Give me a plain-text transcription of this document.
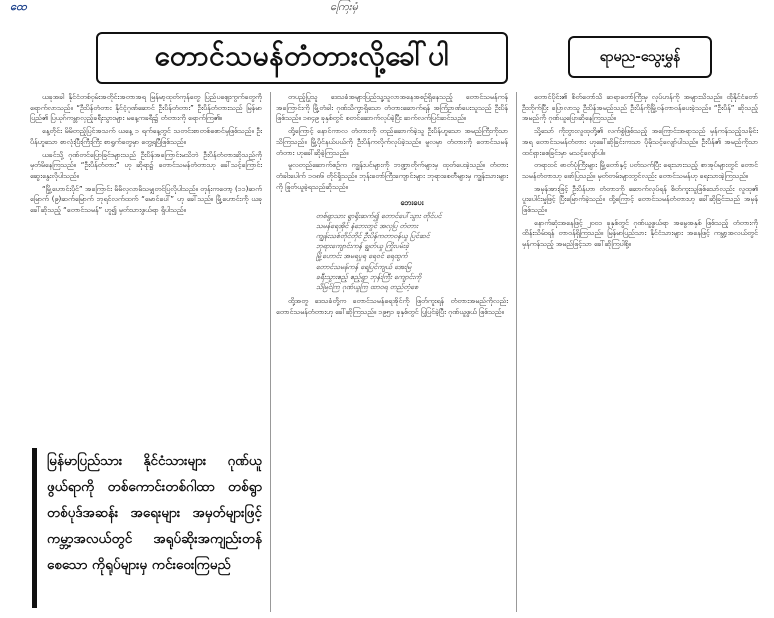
ထေ	ကြေးမုံ
တောင်သမန်တံတားလို့ခေါ်ပါ	ရာမည-သွေးမွှန်

ယခုအခါ နိုင်ငံတစ်ဝှမ်းအတိုင်းအတာအရ မြန်မာ့ထုတ်ကုန်တွေ ပြည်ပဈေးကွက်တွေကိုရောက်လာသည်။ “ဦးပိန်တံတား နိုင်ငံ့ဂုဏ်ဆောင် ဦးပိန်တံတား” ဦးပိန်တံတားသည် မြန်မာပြည်၏ ပြယုဂ်ကမ္ဘာလှည့်ခရီးသွားများ မနေ့ကခရီး၌ တံတားကို ရောက်ကြ၏။

နေ့တိုင်း မိမိတည့်ပြင်အသက် ယနေ့ ၁ ရက်နေ့တွင် သတင်းစာတစ်စောင်မှဖြစ်သည်။ ဦးပိန်ဟူသော စာလုံးပြီးကြီးကြီး စာရွက်တွေမှာ တွေ့ရပြီဖြစ်သည်။

ယခင်သို့ ဂုဏ်တင်ပြောခြင်းများသည် ဦးပိန်အကြောင်းမသိဘဲ ဦးပိန်တံတားဆိုသည်ကို မှတ်မိနေကြသည်။ “ဦးပိန်တံတား” ဟု ဆိုရာ၌ တောင်သမန်တံတားဟု ခေါ်သင့်ကြောင်း ဆွေးနွေးလိုပါသည်။

“မြို့ဟောင်းပိုင်” အကြောင်း မိမိလှလာမိသမျှတင်ပြလိုပါသည်။ တုန်းကတော့ (၁၁)ဆက်မြောက် (၉)ဆက်မြောက် ဘုရင်လက်ထက် “မောင်ပေါ်” ဟု ခေါ်သည်။ မြို့ဟောင်းကို ယခုခေါ်ဆိုသည့် “တောင်သမန်” ဟူ၍ မှတ်သားဖွယ်ရာ ရှိပါသည်။

တပည့်ပြုသူ ဒေသခံအများပြည်သူ့သူလာအနေအစဉ်ရှိနေသည့် တောင်သမန်ကန်အကြောင်းကို မြို့တံခါး ဂုဏ်သိက္ခာရှိသော တံတားဆောက်ရန် အကြံဥာဏ်ပေးသူသည် ဦးပိန်ဖြစ်သည်။ ၁၈၄၉ ခုနှစ်တွင် စတင်ဆောက်လုပ်ခဲ့ပြီး ဆက်လက်ပြင်ဆင်သည်။

ထို့ကြောင့် နောင်ကာလ တံတားကို တည်ဆောက်ခဲ့သူ ဦးပိန်ဟူသော အမည်ကြီးကိုသာ သိကြသည်။ မြို့ပိုင်နယ်ပယ်ကို ဦးပိန်ကလိုက်လုပ်ခဲ့သည်။ မူလမှာ တံတားကို တောင်သမန်တံတား ဟုခေါ်ဆိုခဲ့ကြသည်။

မူလတည်ဆောက်စဉ်က ကျွန်းပင်များကို ဘဏ္ဍာတိုက်များမှ ထုတ်ပေးခဲ့သည်။ တံတားတံခါးပေါက် ၁၀၈၆ တိုင်ရှိသည်။ ဘုန်းတော်ကြီးကျောင်းများ ဘုရားစေတီများမှ ကျွန်းသားများကို ဖြုတ်ယူခဲ့ရသည်ဆိုသည်။

ဘေးပေး
တစ်ရွာသား ရွာရိုးဆက်၍ တောင်ပေါ်သွား တိုင်ပင်
သမန်ရေအိုင် နံဘေးတွင် အလှပြ တံတား
ကျွန်းသစ်တိုင်တိုင် ဦးပိန်ကတာဝန်ယူ ပြင်ဆင်
ဘုရားကျောင်းကန် ချွတ်ယူ ကြိုးပမ်းခဲ့
မြို့ဟောင်း အမရပူရ ရေဝင် ရေထွက်
တောင်သမန်ကန် ရေပြင်ကျယ် အေးမြ
ခရီးသွားဧည့် ဧည့်ရွာ ဘုန်းကြီး ကျောင်းကို
သိမြင်ကြ ဂုဏ်ယူကြ ထာဝရ တည်တံ့စေ

ထို့အတူ ဒေသခံတို့က တောင်သမန်ရေအိုင်ကို ဖြတ်ကူးရန် တံတားအမည်ကိုလည်း တောင်သမန်တံတားဟု ခေါ်ဆိုကြသည်။ ၁၉၅၁ ခုနှစ်တွင် ပြုပြင်ခဲ့ပြီး ဂုဏ်ယူဖွယ် ဖြစ်သည်။

တောင်ပိုင်း၏ စိတ်တော်သိ ဆရာတော်ကြီးမှ လုပ်ဟန်ကို အများသိသည်။ ထိုနိုင်ငံတော် ဦးတိုက်ပြီး ပြောလာသူ ဦးပိန်အမည်သည် ဦးပိန်ကိုမြို့ဝန်တာဝန်ပေးခဲ့သည်။ “ဦးပိန်” ဆိုသည့်အမည်ကို ဂုဏ်ယူပြောဆိုနေကြသည်။

သို့သော် ကိုဘွားလူထုတို့၏ လက်စွဲဖြစ်သည့် အကြောင်းအရာသည် မှန်ကန်သည့်သမိုင်းအရ တောင်သမန်တံတား ဟုခေါ်ဆိုခြင်းကသာ ပိုမိုသင့်လျော်ပါသည်။ ဦးပိန်၏ အမည်ကိုသာ ထင်ရှားစေခြင်းမှာ မသင့်လျော်ပါ။

တရားဝင် ဓာတ်ပုံကြီးများ မြို့တော်နှင့် ပတ်သက်ပြီး ရေးသားသည့် စာအုပ်များတွင် တောင်သမန်တံတားဟု ဖော်ပြသည်။ မှတ်တမ်းများတွင်လည်း တောင်သမန်ဟု ရေးသားခဲ့ကြသည်။

အမှန်အားဖြင့် ဦးပိန်ဟာ တံတားကို ဆောက်လုပ်ရန် စိတ်ကူးသူဖြစ်သော်လည်း လူထု၏ ပူးပေါင်းမှုဖြင့် ပြီးမြောက်ခဲ့သည်။ ထို့ကြောင့် တောင်သမန်တံတားဟု ခေါ်ဆိုခြင်းသည် အမှန်ဖြစ်သည်။

နောက်ဆုံးအနေဖြင့် ၂၀၀၁ ခုနှစ်တွင် ဂုဏ်ယူဖွယ်ရာ အမွေအနှစ် ဖြစ်သည့် တံတားကို ထိန်းသိမ်းရန် တာဝန်ရှိကြသည်။ မြန်မာပြည်သား နိုင်ငံသားများ အနေဖြင့် ကမ္ဘာ့အလယ်တွင် မှန်ကန်သည့် အမည်ဖြင့်သာ ခေါ်ဆိုကြပါစို့။

မြန်မာပြည်သား နိုင်ငံသားများ ဂုဏ်ယူ ဖွယ်ရာကို တစ်ကောင်းတစ်ဂါထာ တစ်ရွာ တစ်ပုဒ်အဆန်း အရေးများ အမှတ်များဖြင့် ကမ္ဘာ့အလယ်တွင် အရုပ်ဆိုးအကျည်းတန်စေသော ကိုရုပ်များမှ ကင်းဝေးကြမည်
